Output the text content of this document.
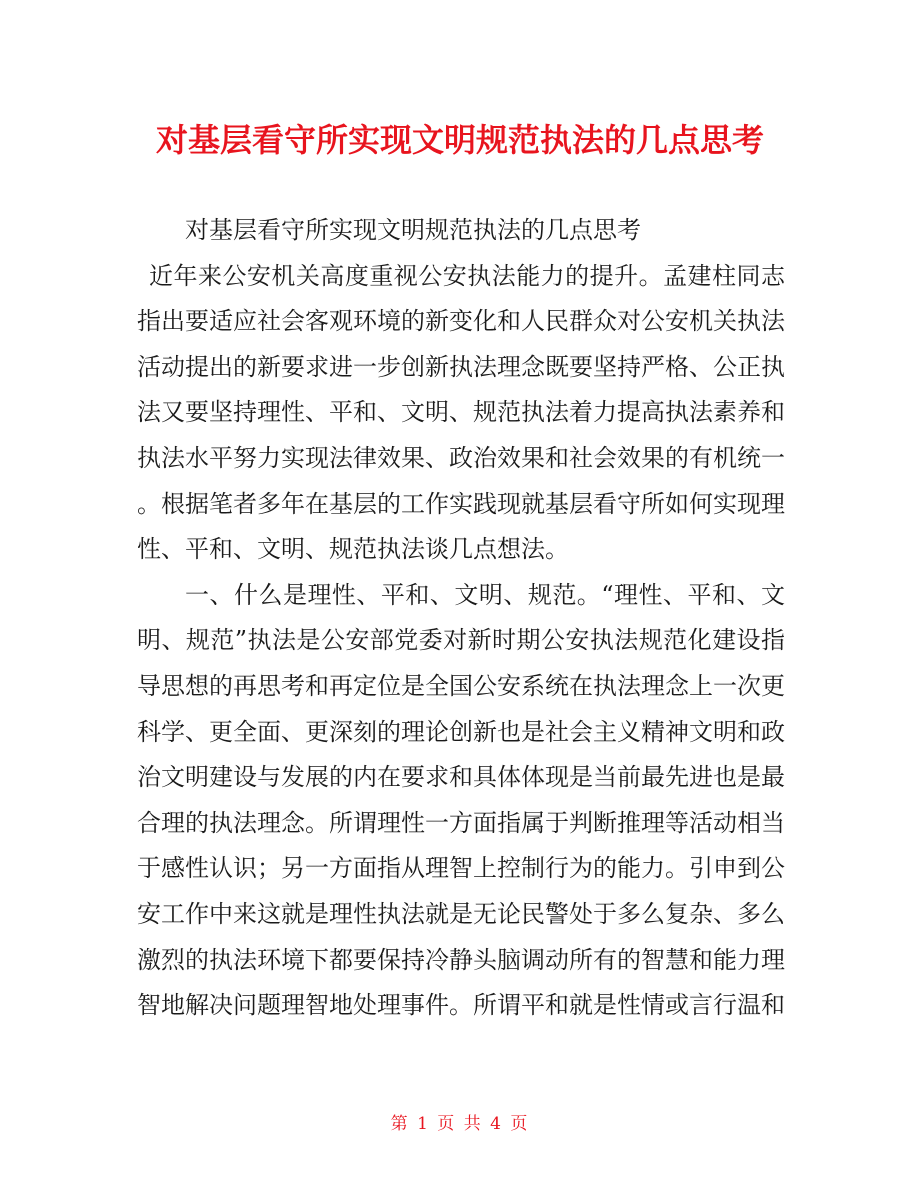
对基层看守所实现文明规范执法的几点思考
对基层看守所实现文明规范执法的几点思考
近年来公安机关高度重视公安执法能力的提升。孟建柱同志
指出要适应社会客观环境的新变化和人民群众对公安机关执法
活动提出的新要求进一步创新执法理念既要坚持严格、公正执
法又要坚持理性、平和、文明、规范执法着力提高执法素养和
执法水平努力实现法律效果、政治效果和社会效果的有机统一
。根据笔者多年在基层的工作实践现就基层看守所如何实现理
性、平和、文明、规范执法谈几点想法。
一、什么是理性、平和、文明、规范。“理性、平和、文
明、规范”执法是公安部党委对新时期公安执法规范化建设指
导思想的再思考和再定位是全国公安系统在执法理念上一次更
科学、更全面、更深刻的理论创新也是社会主义精神文明和政
治文明建设与发展的内在要求和具体体现是当前最先进也是最
合理的执法理念。所谓理性一方面指属于判断推理等活动相当
于感性认识；另一方面指从理智上控制行为的能力。引申到公
安工作中来这就是理性执法就是无论民警处于多么复杂、多么
激烈的执法环境下都要保持冷静头脑调动所有的智慧和能力理
智地解决问题理智地处理事件。所谓平和就是性情或言行温和
第 1 页 共 4 页
